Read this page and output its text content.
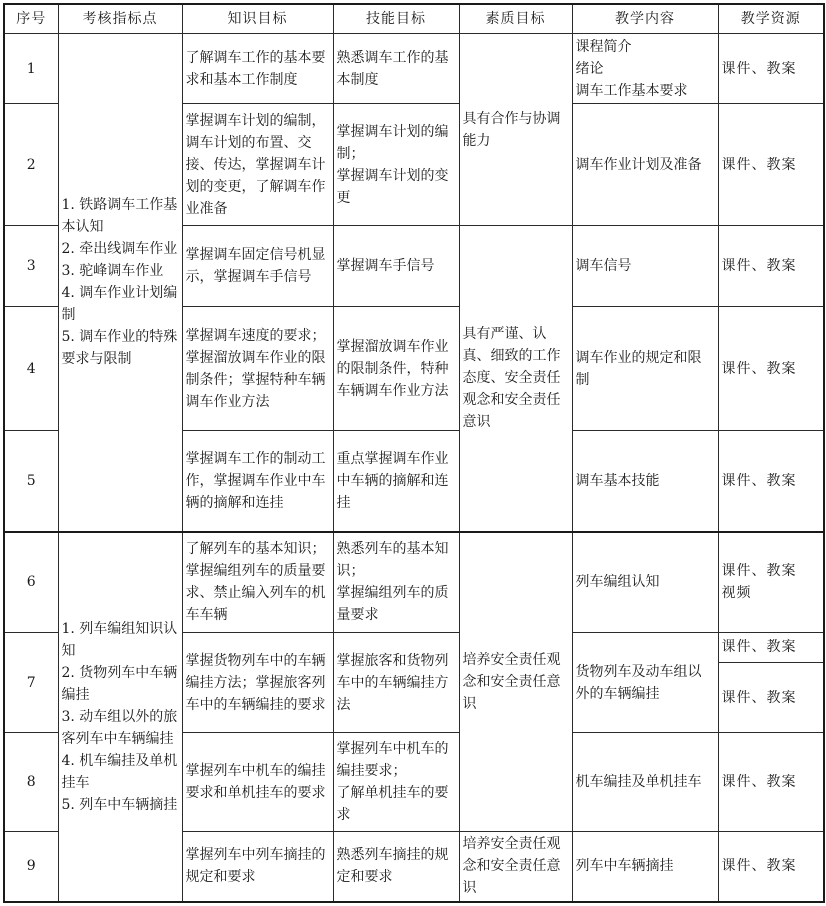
序号	考核指标点	知识目标	技能目标	素质目标	教学内容	教学资源
1	1. 铁路调车工作基本认知
2. 牵出线调车作业
3. 驼峰调车作业
4. 调车作业计划编制
5. 调车作业的特殊要求与限制	了解调车工作的基本要求和基本工作制度	熟悉调车工作的基本制度	具有合作与协调能力	课程简介
绪论
调车工作基本要求	课件、教案
2		掌握调车计划的编制，调车计划的布置、交接、传达，掌握调车计划的变更，了解调车作业准备	掌握调车计划的编制；
掌握调车计划的变更		调车作业计划及准备	课件、教案
3		掌握调车固定信号机显示，掌握调车手信号	掌握调车手信号	具有严谨、认真、细致的工作态度、安全责任观念和安全责任意识	调车信号	课件、教案
4		掌握调车速度的要求；掌握溜放调车作业的限制条件；掌握特种车辆调车作业方法	掌握溜放调车作业的限制条件，特种车辆调车作业方法		调车作业的规定和限制	课件、教案
5		掌握调车工作的制动工作，掌握调车作业中车辆的摘解和连挂	重点掌握调车作业中车辆的摘解和连挂		调车基本技能	课件、教案
6	1. 列车编组知识认知
2. 货物列车中车辆编挂
3. 动车组以外的旅客列车中车辆编挂
4. 机车编挂及单机挂车
5. 列车中车辆摘挂	了解列车的基本知识；掌握编组列车的质量要求、禁止编入列车的机车车辆	熟悉列车的基本知识；
掌握编组列车的质量要求	培养安全责任观念和安全责任意识	列车编组认知	课件、教案
视频

7		掌握货物列车中的车辆编挂方法；掌握旅客列车中的车辆编挂的要求	掌握旅客和货物列车中的车辆编挂方法		货物列车及动车组以外的车辆编挂	课件、教案
						课件、教案
8		掌握列车中机车的编挂要求和单机挂车的要求	掌握列车中机车的编挂要求；
了解单机挂车的要求		机车编挂及单机挂车	课件、教案
9		掌握列车中列车摘挂的规定和要求	熟悉列车摘挂的规定和要求	培养安全责任观念和安全责任意识	列车中车辆摘挂	课件、教案
